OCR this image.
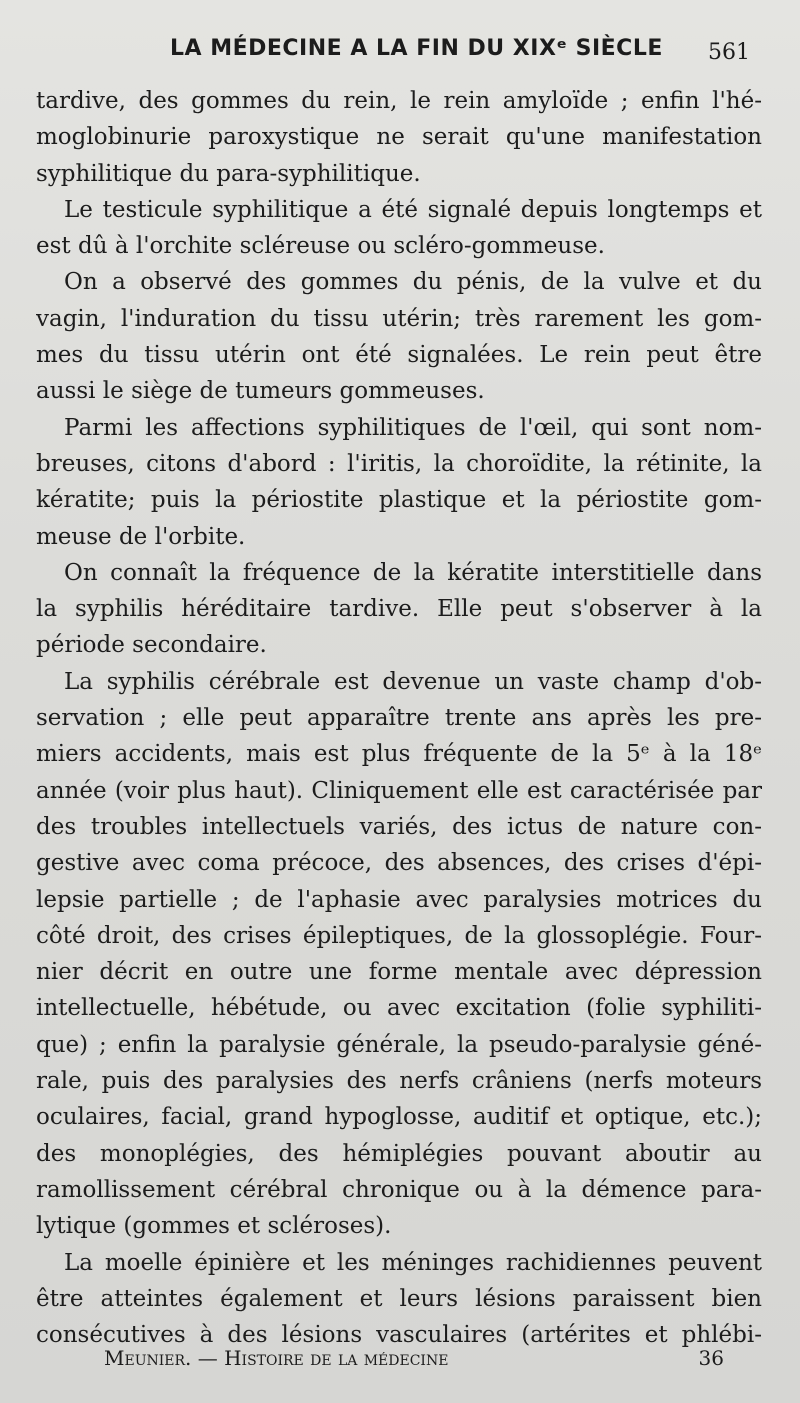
LA MÉDECINE A LA FIN DU XIXᵉ SIÈCLE 561
tardive, des gommes du rein, le rein amyloïde ; enfin l'hé-
moglobinurie paroxystique ne serait qu'une manifestation
syphilitique du para-syphilitique.
Le testicule syphilitique a été signalé depuis longtemps et
est dû à l'orchite scléreuse ou scléro-gommeuse.
On a observé des gommes du pénis, de la vulve et du
vagin, l'induration du tissu utérin; très rarement les gom-
mes du tissu utérin ont été signalées. Le rein peut être
aussi le siège de tumeurs gommeuses.
Parmi les affections syphilitiques de l'œil, qui sont nom-
breuses, citons d'abord : l'iritis, la choroïdite, la rétinite, la
kératite; puis la périostite plastique et la périostite gom-
meuse de l'orbite.
On connaît la fréquence de la kératite interstitielle dans
la syphilis héréditaire tardive. Elle peut s'observer à la
période secondaire.
La syphilis cérébrale est devenue un vaste champ d'ob-
servation ; elle peut apparaître trente ans après les pre-
miers accidents, mais est plus fréquente de la 5ᵉ à la 18ᵉ
année (voir plus haut). Cliniquement elle est caractérisée par
des troubles intellectuels variés, des ictus de nature con-
gestive avec coma précoce, des absences, des crises d'épi-
lepsie partielle ; de l'aphasie avec paralysies motrices du
côté droit, des crises épileptiques, de la glossoplégie. Four-
nier décrit en outre une forme mentale avec dépression
intellectuelle, hébétude, ou avec excitation (folie syphiliti-
que) ; enfin la paralysie générale, la pseudo-paralysie géné-
rale, puis des paralysies des nerfs crâniens (nerfs moteurs
oculaires, facial, grand hypoglosse, auditif et optique, etc.);
des monoplégies, des hémiplégies pouvant aboutir au
ramollissement cérébral chronique ou à la démence para-
lytique (gommes et scléroses).
La moelle épinière et les méninges rachidiennes peuvent
être atteintes également et leurs lésions paraissent bien
consécutives à des lésions vasculaires (artérites et phlébi-
Meunier. — Histoire de la médecine	36
